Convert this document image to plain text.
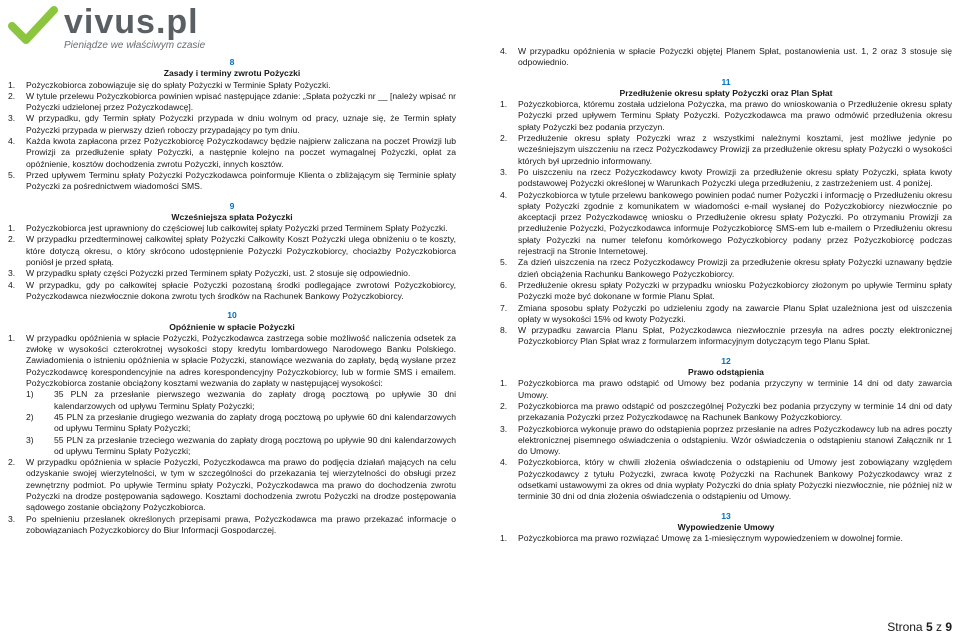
vivus.pl
Pieniądze we właściwym czasie
8
Zasady i terminy zwrotu Pożyczki
1. Pożyczkobiorca zobowiązuje się do spłaty Pożyczki w Terminie Spłaty Pożyczki.
2. W tytule przelewu Pożyczkobiorca powinien wpisać następujące zdanie: „Spłata pożyczki nr __ [należy wpisać nr Pożyczki udzielonej przez Pożyczkodawcę].
3. W przypadku, gdy Termin spłaty Pożyczki przypada w dniu wolnym od pracy, uznaje się, że Termin spłaty Pożyczki przypada w pierwszy dzień roboczy przypadający po tym dniu.
4. Każda kwota zapłacona przez Pożyczkobiorcę Pożyczkodawcy będzie najpierw zaliczana na poczet Prowizji lub Prowizji za przedłużenie spłaty Pożyczki, a następnie kolejno na poczet wymagalnej Pożyczki, opłat za opóźnienie, kosztów dochodzenia zwrotu Pożyczki, innych kosztów.
5. Przed upływem Terminu spłaty Pożyczki Pożyczkodawca poinformuje Klienta o zbliżającym się Terminie spłaty Pożyczki za pośrednictwem wiadomości SMS.
9
Wcześniejsza spłata Pożyczki
1. Pożyczkobiorca jest uprawniony do częściowej lub całkowitej spłaty Pożyczki przed Terminem Spłaty Pożyczki.
2. W przypadku przedterminowej całkowitej spłaty Pożyczki Całkowity Koszt Pożyczki ulega obniżeniu o te koszty, które dotyczą okresu, o który skrócono udostępnienie Pożyczki Pożyczkobiorcy, chociażby Pożyczkobiorca poniósł je przed spłatą.
3. W przypadku spłaty części Pożyczki przed Terminem spłaty Pożyczki, ust. 2 stosuje się odpowiednio.
4. W przypadku, gdy po całkowitej spłacie Pożyczki pozostaną środki podlegające zwrotowi Pożyczkobiorcy, Pożyczkodawca niezwłocznie dokona zwrotu tych środków na Rachunek Bankowy Pożyczkobiorcy.
10
Opóźnienie w spłacie Pożyczki
1. W przypadku opóźnienia w spłacie Pożyczki, Pożyczkodawca zastrzega sobie możliwość naliczenia odsetek za zwłokę w wysokości czterokrotnej wysokości stopy kredytu lombardowego Narodowego Banku Polskiego. Zawiadomienia o istnieniu opóźnienia w spłacie Pożyczki, stanowiące wezwania do zapłaty, będą wysłane przez Pożyczkodawcę korespondencyjnie na adres korespondencyjny Pożyczkobiorcy, lub w formie SMS i emailem. Pożyczkobiorca zostanie obciążony kosztami wezwania do zapłaty w następującej wysokości:
1) 35 PLN za przesłanie pierwszego wezwania do zapłaty drogą pocztową po upływie 30 dni kalendarzowych od upływu Terminu Spłaty Pożyczki;
2) 45 PLN za przesłanie drugiego wezwania do zapłaty drogą pocztową po upływie 60 dni kalendarzowych od upływu Terminu Spłaty Pożyczki;
3) 55 PLN za przesłanie trzeciego wezwania do zapłaty drogą pocztową po upływie 90 dni kalendarzowych od upływu Terminu Spłaty Pożyczki;
2. W przypadku opóźnienia w spłacie Pożyczki, Pożyczkodawca ma prawo do podjęcia działań mających na celu odzyskanie swojej wierzytelności, w tym w szczególności do przekazania tej wierzytelności do obsługi przez zewnętrzny podmiot. Po upływie Terminu spłaty Pożyczki, Pożyczkodawca ma prawo do dochodzenia zwrotu Pożyczki na drodze postępowania sądowego. Kosztami dochodzenia zwrotu Pożyczki na drodze postępowania sądowego zostanie obciążony Pożyczkobiorca.
3. Po spełnieniu przesłanek określonych przepisami prawa, Pożyczkodawca ma prawo przekazać informacje o zobowiązaniach Pożyczkobiorcy do Biur Informacji Gospodarczej.
4. W przypadku opóźnienia w spłacie Pożyczki objętej Planem Spłat, postanowienia ust. 1, 2 oraz 3 stosuje się odpowiednio.
11
Przedłużenie okresu spłaty Pożyczki oraz Plan Spłat
1. Pożyczkobiorca, któremu została udzielona Pożyczka, ma prawo do wnioskowania o Przedłużenie okresu spłaty Pożyczki przed upływem Terminu Spłaty Pożyczki. Pożyczkodawca ma prawo odmówić przedłużenia okresu spłaty Pożyczki bez podania przyczyn.
2. Przedłużenie okresu spłaty Pożyczki wraz z wszystkimi należnymi kosztami, jest możliwe jedynie po wcześniejszym uiszczeniu na rzecz Pożyczkodawcy Prowizji za przedłużenie okresu spłaty Pożyczki o wysokości których był uprzednio informowany.
3. Po uiszczeniu na rzecz Pożyczkodawcy kwoty Prowizji za przedłużenie okresu spłaty Pożyczki, spłata kwoty podstawowej Pożyczki określonej w Warunkach Pożyczki ulega przedłużeniu, z zastrzeżeniem ust. 4 poniżej.
4. Pożyczkobiorca w tytule przelewu bankowego powinien podać numer Pożyczki i informację o Przedłużeniu okresu spłaty Pożyczki zgodnie z komunikatem w wiadomości e-mail wysłanej do Pożyczkobiorcy niezwłocznie po akceptacji przez Pożyczkodawcę wniosku o Przedłużenie okresu spłaty Pożyczki. Po otrzymaniu Prowizji za przedłużenie Pożyczki, Pożyczkodawca informuje Pożyczkobiorcę SMS-em lub e-mailem o Przedłużeniu okresu spłaty Pożyczki na numer telefonu komórkowego Pożyczkobiorcy podany przez Pożyczkobiorcę podczas rejestracji na Stronie Internetowej.
5. Za dzień uiszczenia na rzecz Pożyczkodawcy Prowizji za przedłużenie okresu spłaty Pożyczki uznawany będzie dzień obciążenia Rachunku Bankowego Pożyczkobiorcy.
6. Przedłużenie okresu spłaty Pożyczki w przypadku wniosku Pożyczkobiorcy złożonym po upływie Terminu spłaty Pożyczki może być dokonane w formie Planu Spłat.
7. Zmiana sposobu spłaty Pożyczki po udzieleniu zgody na zawarcie Planu Spłat uzależniona jest od uiszczenia opłaty w wysokości 15% od kwoty Pożyczki.
8. W przypadku zawarcia Planu Spłat, Pożyczkodawca niezwłocznie przesyła na adres poczty elektronicznej Pożyczkobiorcy Plan Spłat wraz z formularzem informacyjnym dotyczącym tego Planu Spłat.
12
Prawo odstąpienia
1. Pożyczkobiorca ma prawo odstąpić od Umowy bez podania przyczyny w terminie 14 dni od daty zawarcia Umowy.
2. Pożyczkobiorca ma prawo odstąpić od poszczególnej Pożyczki bez podania przyczyny w terminie 14 dni od daty przekazania Pożyczki przez Pożyczkodawcę na Rachunek Bankowy Pożyczkobiorcy.
3. Pożyczkobiorca wykonuje prawo do odstąpienia poprzez przesłanie na adres Pożyczkodawcy lub na adres poczty elektronicznej pisemnego oświadczenia o odstąpieniu. Wzór oświadczenia o odstąpieniu stanowi Załącznik nr 1 do Umowy.
4. Pożyczkobiorca, który w chwili złożenia oświadczenia o odstąpieniu od Umowy jest zobowiązany względem Pożyczkodawcy z tytułu Pożyczki, zwraca kwotę Pożyczki na Rachunek Bankowy Pożyczkodawcy wraz z odsetkami ustawowymi za okres od dnia wypłaty Pożyczki do dnia spłaty Pożyczki niezwłocznie, nie później niż w terminie 30 dni od dnia złożenia oświadczenia o odstąpieniu od Umowy.
13
Wypowiedzenie Umowy
1. Pożyczkobiorca ma prawo rozwiązać Umowę za 1-miesięcznym wypowiedzeniem w dowolnej formie.
Strona 5 z 9
